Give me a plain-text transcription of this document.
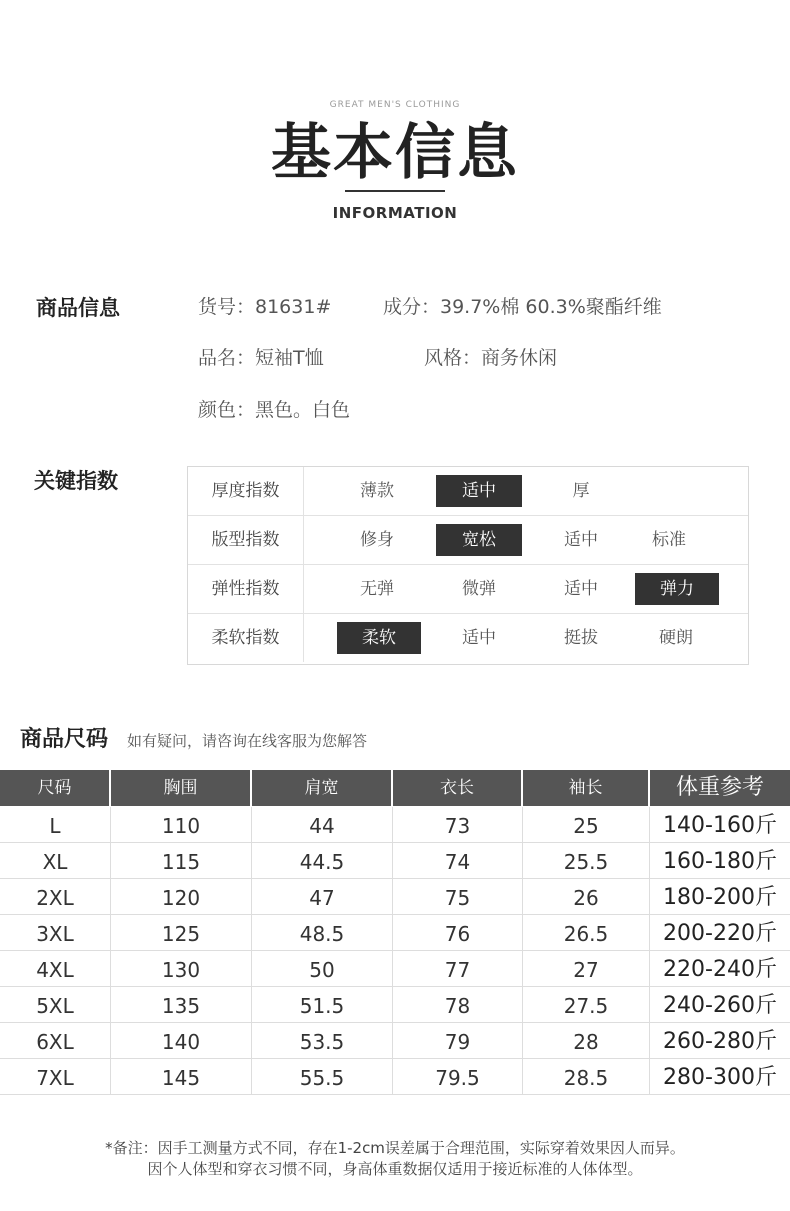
GREAT MEN'S CLOTHING
基本信息
INFORMATION
商品信息	货号：81631#	成分：39.7%棉 60.3%聚酯纤维
品名：短袖T恤	风格：商务休闲
颜色：黑色。白色
关键指数	厚度指数	薄款	适中	厚
版型指数	修身	宽松	适中	标准
弹性指数	无弹	微弹	适中	弹力
柔软指数	柔软	适中	挺拔	硬朗
商品尺码 如有疑问，请咨询在线客服为您解答
尺码	胸围	肩宽	衣长	袖长	体重参考
L	110	44	73	25	140-160斤
XL	115	44.5	74	25.5	160-180斤
2XL	120	47	75	26	180-200斤
3XL	125	48.5	76	26.5	200-220斤
4XL	130	50	77	27	220-240斤
5XL	135	51.5	78	27.5	240-260斤
6XL	140	53.5	79	28	260-280斤
7XL	145	55.5	79.5	28.5	280-300斤
*备注：因手工测量方式不同，存在1-2cm误差属于合理范围，实际穿着效果因人而异。
因个人体型和穿衣习惯不同，身高体重数据仅适用于接近标准的人体体型。
